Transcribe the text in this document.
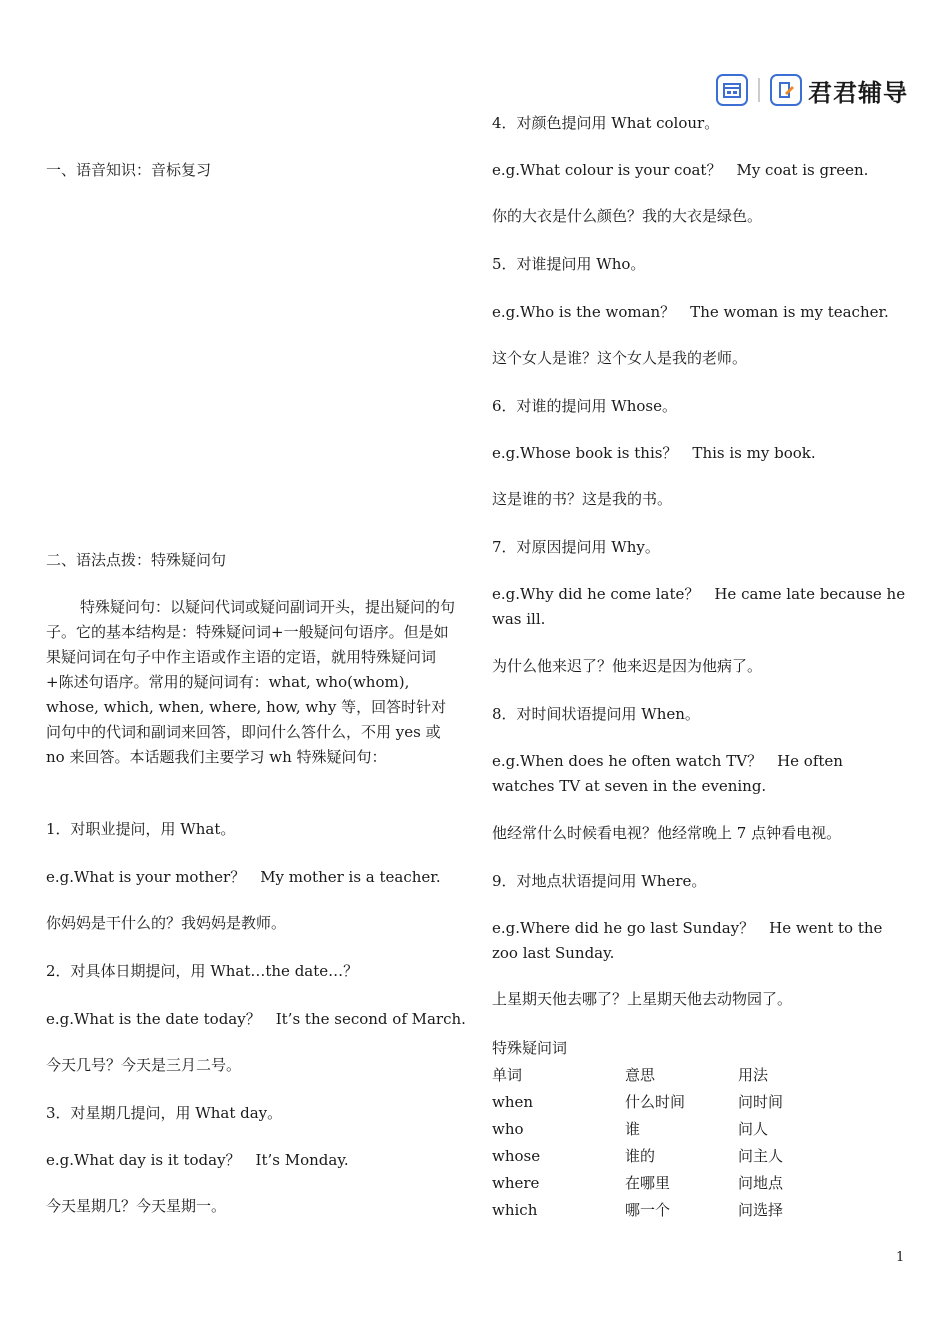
君君辅导
一、语音知识：音标复习
二、语法点拨：特殊疑问句
特殊疑问句：以疑问代词或疑问副词开头，提出疑问的句子。它的基本结构是：特殊疑问词+一般疑问句语序。但是如果疑问词在句子中作主语或作主语的定语，就用特殊疑问词+陈述句语序。常用的疑问词有：what, who(whom), whose, which, when, where, how, why 等，回答时针对问句中的代词和副词来回答，即问什么答什么，不用 yes 或 no 来回答。本话题我们主要学习 wh 特殊疑问句：
1．对职业提问，用 What。
e.g.What is your mother？　My mother is a teacher.
你妈妈是干什么的？我妈妈是教师。
2．对具体日期提问，用 What…the date…？
e.g.What is the date today？　It’s the second of March.
今天几号？今天是三月二号。
3．对星期几提问，用 What day。
e.g.What day is it today？　It’s Monday.
今天星期几？今天星期一。
4．对颜色提问用 What colour。
e.g.What colour is your coat？　My coat is green.
你的大衣是什么颜色？我的大衣是绿色。
5．对谁提问用 Who。
e.g.Who is the woman？　The woman is my teacher.
这个女人是谁？这个女人是我的老师。
6．对谁的提问用 Whose。
e.g.Whose book is this？　This is my book.
这是谁的书？这是我的书。
7．对原因提问用 Why。
e.g.Why did he come late？　He came late because he was ill.
为什么他来迟了？他来迟是因为他病了。
8．对时间状语提问用 When。
e.g.When does he often watch TV？　He often watches TV at seven in the evening.
他经常什么时候看电视？他经常晚上 7 点钟看电视。
9．对地点状语提问用 Where。
e.g.Where did he go last Sunday？　He went to the zoo last Sunday.
上星期天他去哪了？上星期天他去动物园了。
特殊疑问词
单词	意思	用法
when	什么时间	问时间
who	谁	问人
whose	谁的	问主人
where	在哪里	问地点
which	哪一个	问选择
1
